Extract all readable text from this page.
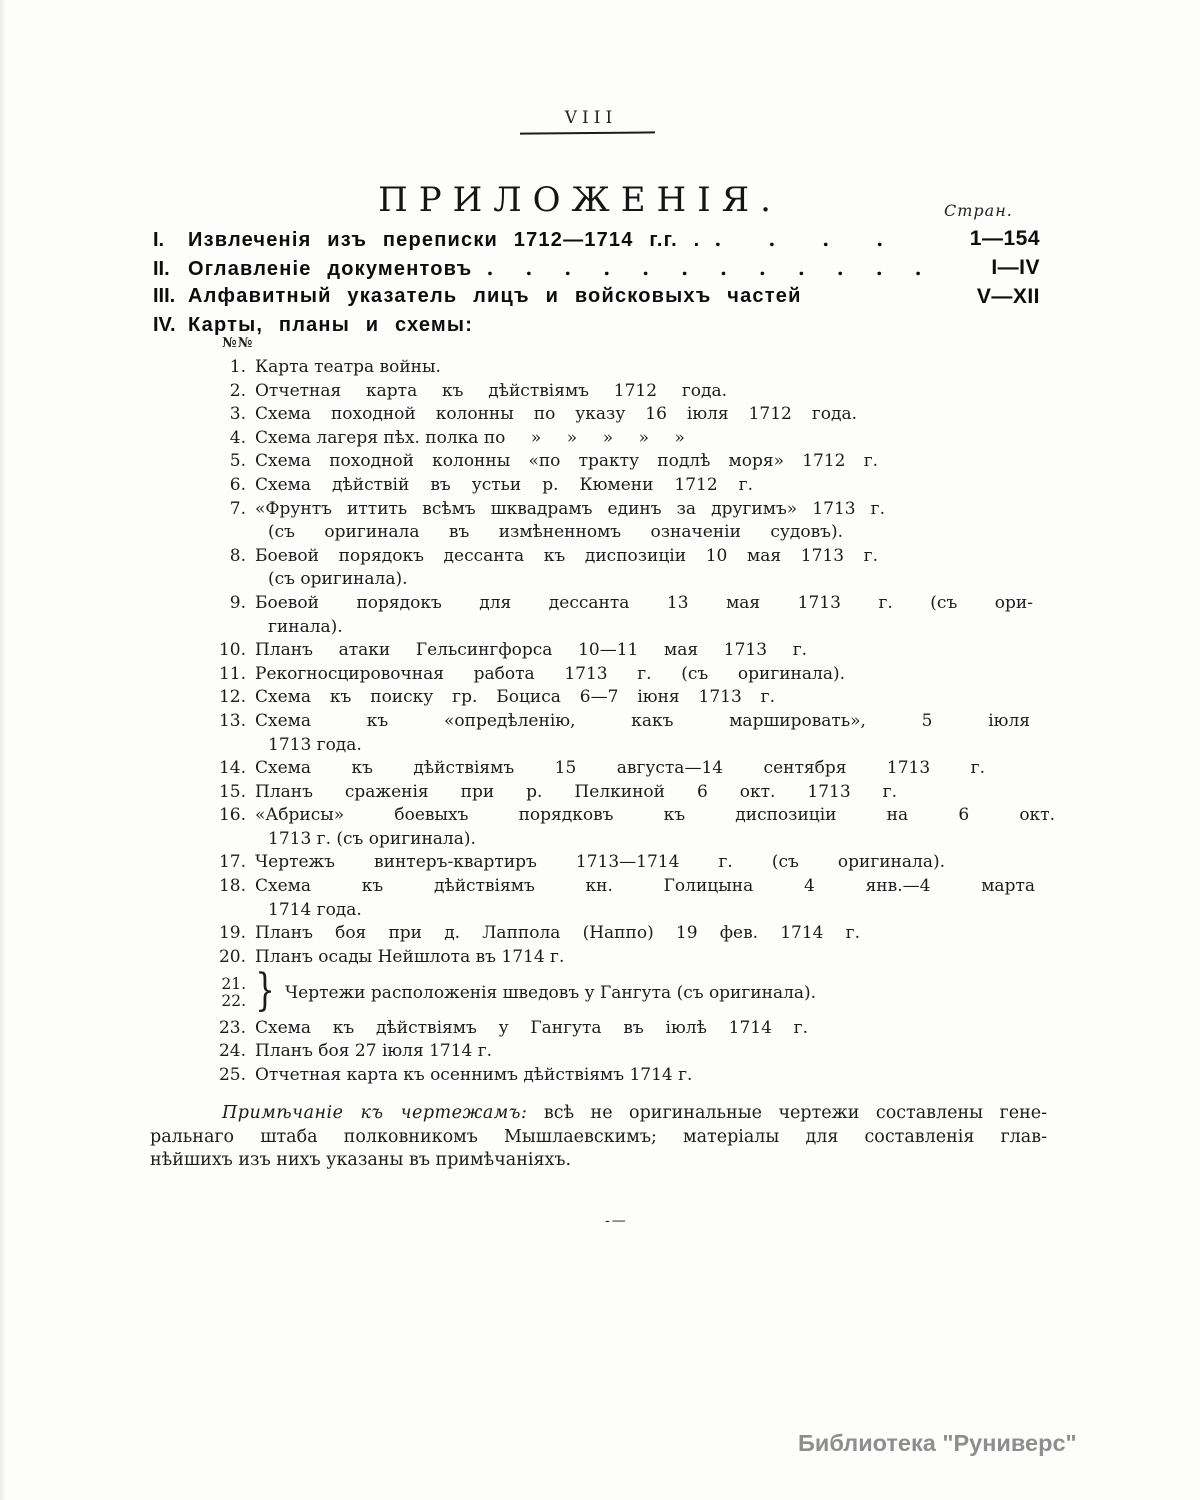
VIII
ПРИЛОЖЕНІЯ.	Стран.
I. Извлеченія изъ переписки 1712—1714 г.г. . . . . .	1—154
II. Оглавленіе документовъ . . . . . . . . . . . .	I—IV
III. Алфавитный указатель лицъ и войсковыхъ частей	V—XII
IV. Карты, планы и схемы:
№№
1. Карта театра войны.
2. Отчетная карта къ дѣйствіямъ 1712 года.
3. Схема походной колонны по указу 16 іюля 1712 года.
4. Схема лагеря пѣх. полка по  »  »  »  »  »
5. Схема походной колонны «по тракту подлѣ моря» 1712 г.
6. Схема дѣйствій въ устьи р. Кюмени 1712 г.
7. «Фрунтъ иттить всѣмъ шквадрамъ единъ за другимъ» 1713 г.
(съ оригинала въ измѣненномъ означеніи судовъ).
8. Боевой порядокъ дессанта къ диспозиціи 10 мая 1713 г.
(съ оригинала).
9. Боевой порядокъ для дессанта 13 мая 1713 г. (съ ори-
гинала).
10. Планъ атаки Гельсингфорса 10—11 мая 1713 г.
11. Рекогносцировочная работа 1713 г. (съ оригинала).
12. Схема къ поиску гр. Боциса 6—7 іюня 1713 г.
13. Схема къ «опредѣленію, какъ маршировать», 5 іюля
1713 года.
14. Схема къ дѣйствіямъ 15 августа—14 сентября 1713 г.
15. Планъ сраженія при р. Пелкиной 6 окт. 1713 г.
16. «Абрисы» боевыхъ порядковъ къ диспозиціи на 6 окт.
1713 г. (съ оригинала).
17. Чертежъ винтеръ-квартиръ 1713—1714 г. (съ оригинала).
18. Схема къ дѣйствіямъ кн. Голицына 4 янв.—4 марта
1714 года.
19. Планъ боя при д. Лаппола (Наппо) 19 фев. 1714 г.
20. Планъ осады Нейшлота въ 1714 г.
21.
22. } Чертежи расположенія шведовъ у Гангута (съ оригинала).
23. Схема къ дѣйствіямъ у Гангута въ іюлѣ 1714 г.
24. Планъ боя 27 іюля 1714 г.
25. Отчетная карта къ осеннимъ дѣйствіямъ 1714 г.
Примѣчаніе къ чертежамъ: всѣ не оригинальные чертежи составлены гене-
ральнаго штаба полковникомъ Мышлаевскимъ; матеріалы для составленія глав-
нѣйшихъ изъ нихъ указаны въ примѣчаніяхъ.
-—
Библиотека "Руниверс"
